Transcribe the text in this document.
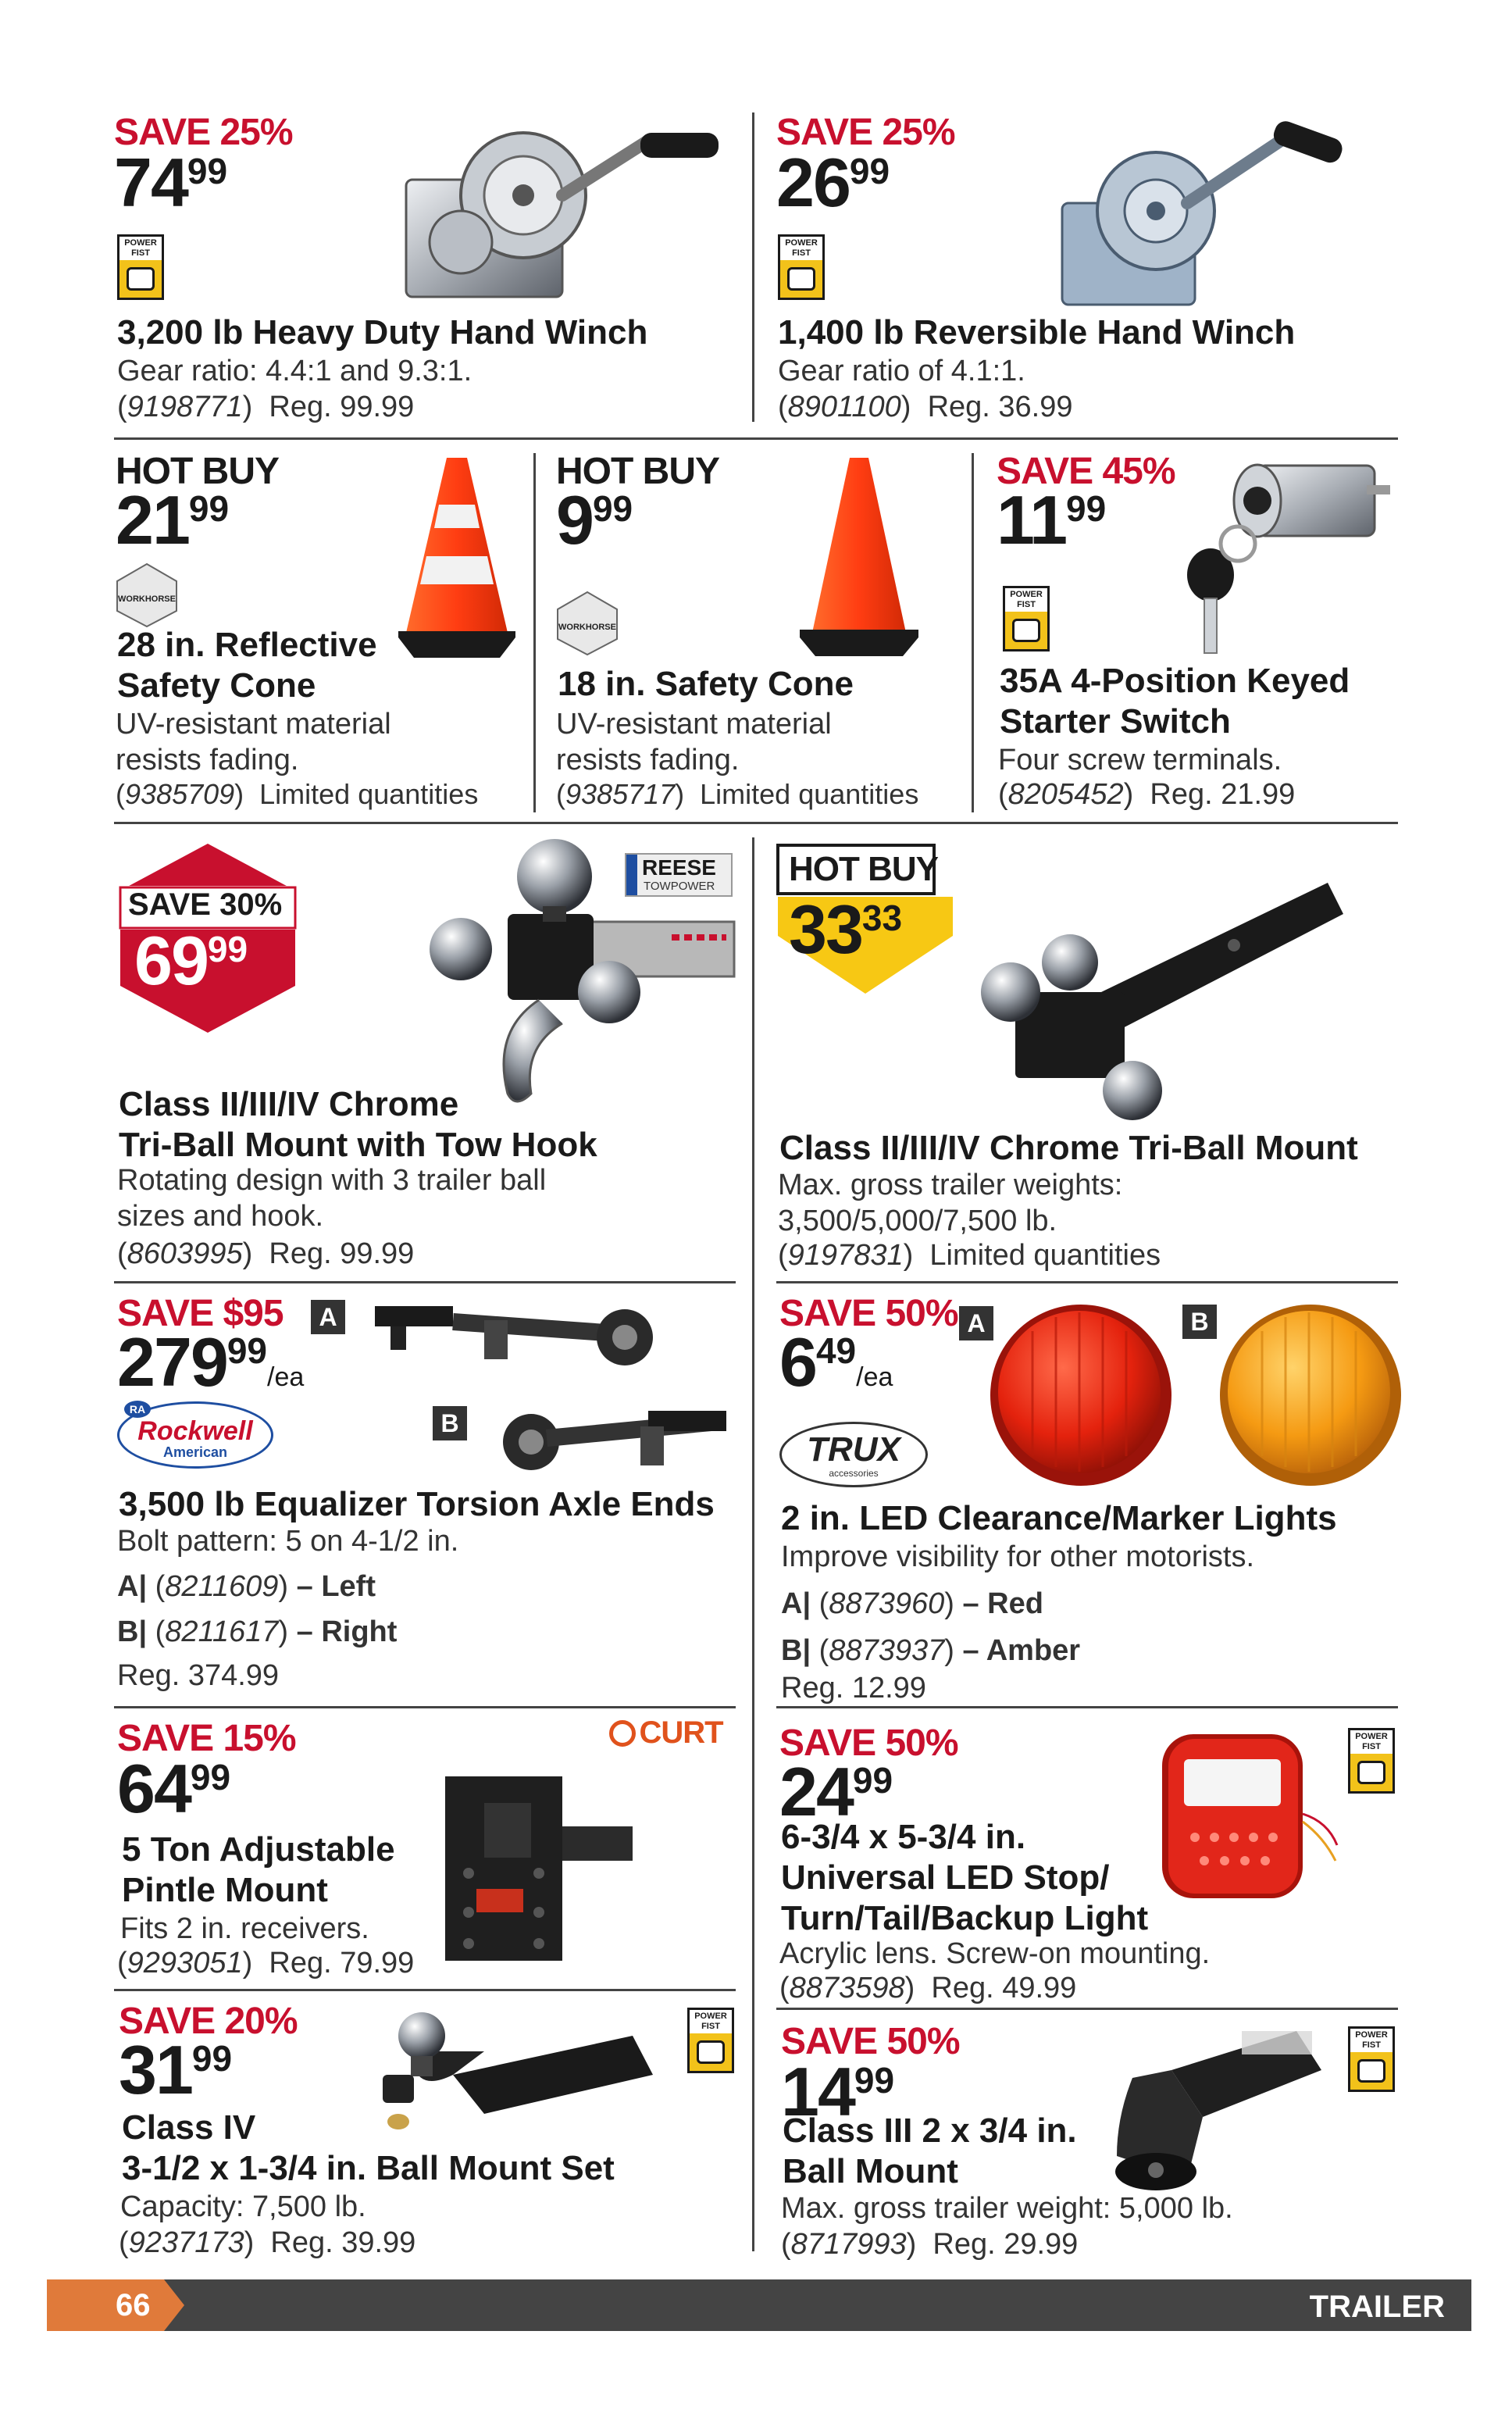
SAVE 25%
$74^{99}$
POWER FIST
3,200 lb Heavy Duty Hand Winch
Gear ratio: 4.4:1 and 9.3:1.
(9198771)  Reg. 99.99
SAVE 25%
$26^{99}$
POWER FIST
1,400 lb Reversible Hand Winch
Gear ratio of 4.1:1.
(8901100)  Reg. 36.99
HOT BUY
$21^{99}$
WORKHORSE
28 in. Reflective
Safety Cone
UV-resistant material
resists fading.
(9385709)  Limited quantities
HOT BUY
$9^{99}$
WORKHORSE
18 in. Safety Cone
UV-resistant material
resists fading.
(9385717)  Limited quantities
SAVE 45%
$11^{99}$
POWER FIST
35A 4-Position Keyed
Starter Switch
Four screw terminals.
(8205452)  Reg. 21.99
SAVE 30%
$69^{99}$
REESE
TOWPOWER
Class II/III/IV Chrome
Tri-Ball Mount with Tow Hook
Rotating design with 3 trailer ball
sizes and hook.
(8603995)  Reg. 99.99
HOT BUY
$33^{33}$
Class II/III/IV Chrome Tri-Ball Mount
Max. gross trailer weights:
3,500/5,000/7,500 lb.
(9197831)  Limited quantities
SAVE $95
$279^{99}/ea$
RA
Rockwell
American
A
B
3,500 lb Equalizer Torsion Axle Ends
Bolt pattern: 5 on 4-1/2 in.
A| (8211609) – Left
B| (8211617) – Right
Reg. 374.99
SAVE 50%
$6^{49}/ea$
TRUX
accessories
A	B
2 in. LED Clearance/Marker Lights
Improve visibility for other motorists.
A| (8873960) – Red
B| (8873937) – Amber
Reg. 12.99
SAVE 15%
$64^{99}$
CURT
5 Ton Adjustable
Pintle Mount
Fits 2 in. receivers.
(9293051)  Reg. 79.99
SAVE 50%
$24^{99}$
POWER FIST
6-3/4 x 5-3/4 in.
Universal LED Stop/
Turn/Tail/Backup Light
Acrylic lens. Screw-on mounting.
(8873598)  Reg. 49.99
SAVE 20%
$31^{99}$
POWER FIST
Class IV
3-1/2 x 1-3/4 in. Ball Mount Set
Capacity: 7,500 lb.
(9237173)  Reg. 39.99
SAVE 50%
$14^{99}$
POWER FIST
Class III 2 x 3/4 in.
Ball Mount
Max. gross trailer weight: 5,000 lb.
(8717993)  Reg. 29.99
66	TRAILER
